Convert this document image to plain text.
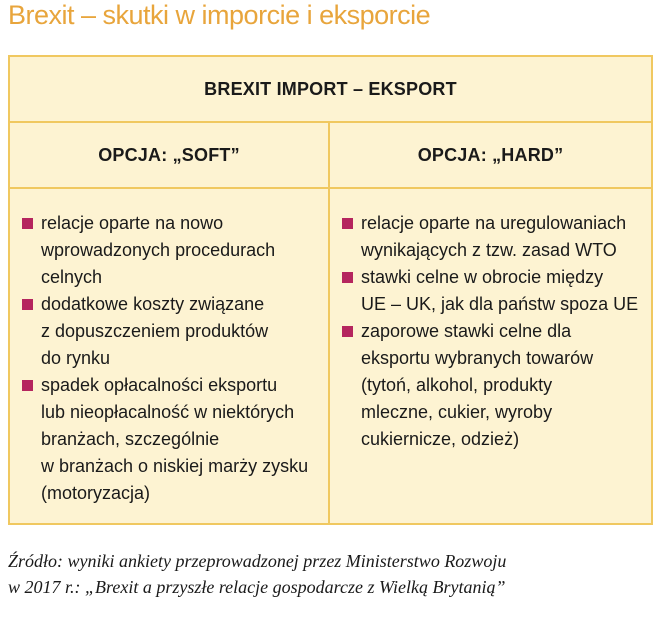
Brexit – skutki w imporcie i eksporcie
BREXIT IMPORT – EKSPORT
OPCJA: „SOFT”	OPCJA: „HARD”
relacje oparte na nowo
wprowadzonych procedurach
celnych
dodatkowe koszty związane
z dopuszczeniem produktów
do rynku
spadek opłacalności eksportu
lub nieopłacalność w niektórych
branżach, szczególnie
w branżach o niskiej marży zysku
(motoryzacja)
relacje oparte na uregulowaniach
wynikających z tzw. zasad WTO
stawki celne w obrocie między
UE – UK, jak dla państw spoza UE
zaporowe stawki celne dla
eksportu wybranych towarów
(tytoń, alkohol, produkty
mleczne, cukier, wyroby
cukiernicze, odzież)
Źródło: wyniki ankiety przeprowadzonej przez Ministerstwo Rozwoju
w 2017 r.: „Brexit a przyszłe relacje gospodarcze z Wielką Brytanią”
